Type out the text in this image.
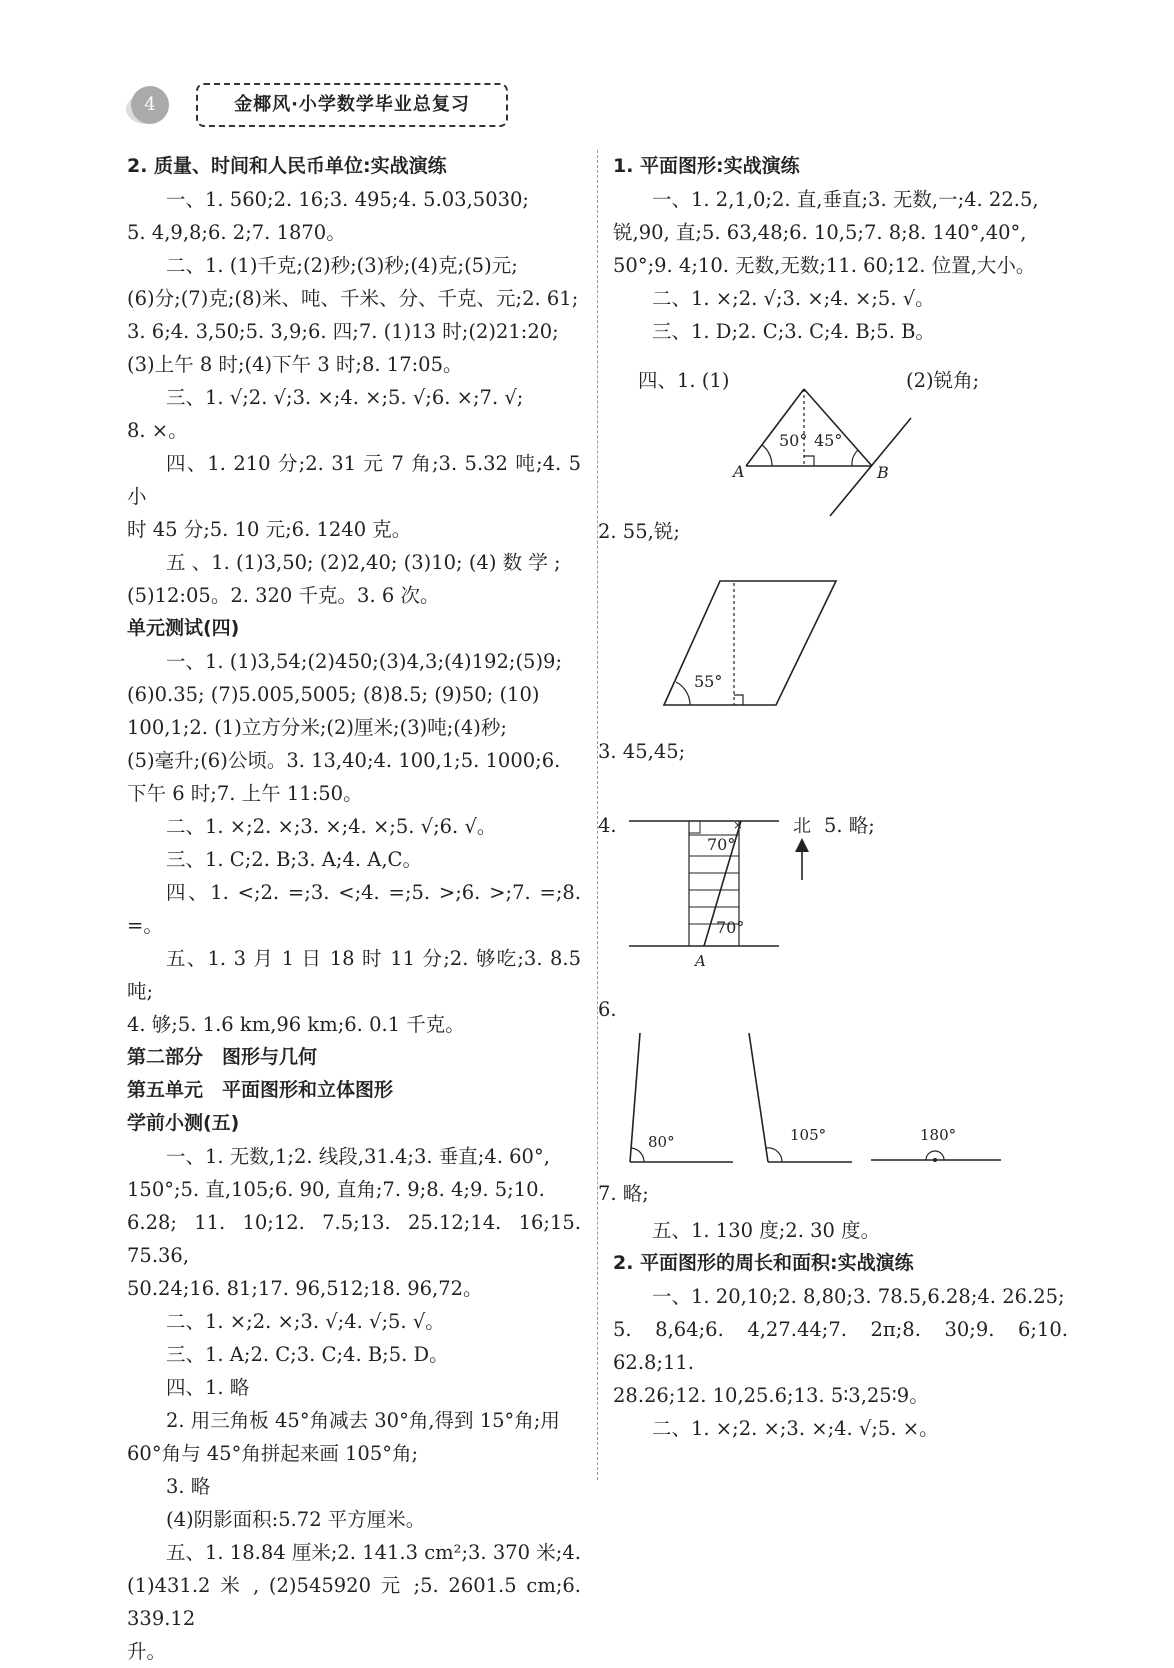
4	金椰风·小学数学毕业总复习

2. 质量、时间和人民币单位:实战演练

一、1. 560;2. 16;3. 495;4. 5.03,5030;

5. 4,9,8;6. 2;7. 1870。

二、1. (1)千克;(2)秒;(3)秒;(4)克;(5)元;

(6)分;(7)克;(8)米、吨、千米、分、千克、元;2. 61;

3. 6;4. 3,50;5. 3,9;6. 四;7. (1)13 时;(2)21:20;

(3)上午 8 时;(4)下午 3 时;8. 17:05。

三、1. √;2. √;3. ×;4. ×;5. √;6. ×;7. √;

8. ×。

四、1. 210 分;2. 31 元 7 角;3. 5.32 吨;4. 5 小

时 45 分;5. 10 元;6. 1240 克。

五 、1. (1)3,50; (2)2,40; (3)10; (4) 数 学 ;

(5)12:05。2. 320 千克。3. 6 次。

单元测试(四)

一、1. (1)3,54;(2)450;(3)4,3;(4)192;(5)9;

(6)0.35; (7)5.005,5005; (8)8.5; (9)50; (10)

100,1;2. (1)立方分米;(2)厘米;(3)吨;(4)秒;

(5)毫升;(6)公顷。3. 13,40;4. 100,1;5. 1000;6.

下午 6 时;7. 上午 11:50。

二、1. ×;2. ×;3. ×;4. ×;5. √;6. √。

三、1. C;2. B;3. A;4. A,C。

四、1. <;2. =;3. <;4. =;5. >;6. >;7. =;8. =。

五、1. 3 月 1 日 18 时 11 分;2. 够吃;3. 8.5 吨;

4. 够;5. 1.6 km,96 km;6. 0.1 千克。

第二部分　图形与几何

第五单元　平面图形和立体图形

学前小测(五)

一、1. 无数,1;2. 线段,31.4;3. 垂直;4. 60°,

150°;5. 直,105;6. 90, 直角;7. 9;8. 4;9. 5;10.

6.28; 11. 10;12. 7.5;13. 25.12;14. 16;15. 75.36,

50.24;16. 81;17. 96,512;18. 96,72。

二、1. ×;2. ×;3. √;4. √;5. √。

三、1. A;2. C;3. C;4. B;5. D。

四、1. 略

2. 用三角板 45°角减去 30°角,得到 15°角;用

60°角与 45°角拼起来画 105°角;

3. 略

(4)阴影面积:5.72 平方厘米。

五、1. 18.84 厘米;2. 141.3 cm²;3. 370 米;4.

(1)431.2 米 , (2)545920 元 ;5. 2601.5 cm;6. 339.12

升。

1. 平面图形:实战演练

一、1. 2,1,0;2. 直,垂直;3. 无数,一;4. 22.5,

锐,90, 直;5. 63,48;6. 10,5;7. 8;8. 140°,40°,

50°;9. 4;10. 无数,无数;11. 60;12. 位置,大小。

二、1. ×;2. √;3. ×;4. ×;5. √。

三、1. D;2. C;3. C;4. B;5. B。

四、1. (1)	(2)锐角;
50° 45°
A	B
2. 55,锐;
55°
3. 45,45;
4.	×
70°
70°
A
北 5. 略;
6.
80°	105°	180°
7. 略;

五、1. 130 度;2. 30 度。

2. 平面图形的周长和面积:实战演练

一、1. 20,10;2. 8,80;3. 78.5,6.28;4. 26.25;

5. 8,64;6. 4,27.44;7. 2π;8. 30;9. 6;10. 62.8;11.

28.26;12. 10,25.6;13. 5∶3,25∶9。

二、1. ×;2. ×;3. ×;4. √;5. ×。
